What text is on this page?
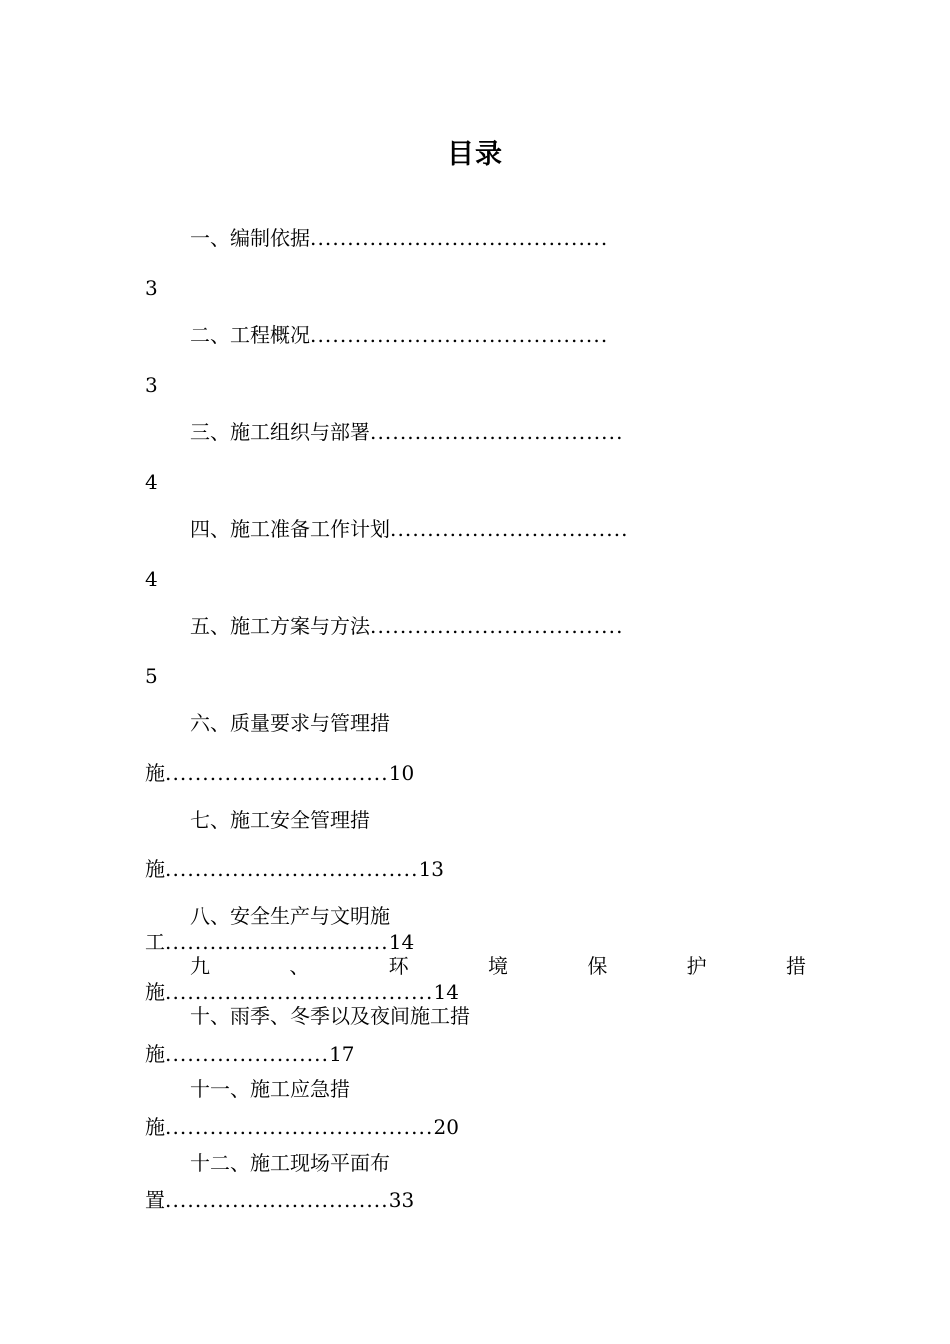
目录
一、编制依据........................................
3
二、工程概况........................................
3
三、施工组织与部署..................................
4
四、施工准备工作计划................................
4
五、施工方案与方法..................................
5
六、质量要求与管理措
施..............................10
七、施工安全管理措
施..................................13
八、安全生产与文明施
工..............................14
九	、	环	境	保	护	措
施....................................14
十、雨季、冬季以及夜间施工措
施......................17
十一、施工应急措
施....................................20
十二、施工现场平面布
置..............................33
